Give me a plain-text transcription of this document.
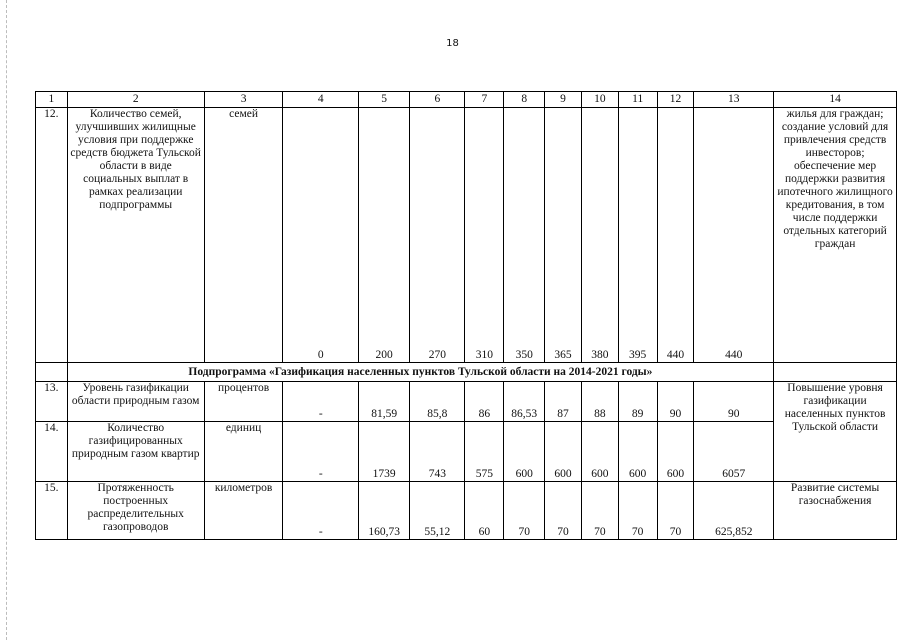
18
1	2	3	4	5	6	7	8	9	10	11	12	13	14
12.	Количество семей, улучшивших жилищные условия при поддержке средств бюджета Тульской области в виде социальных выплат в рамках реализации подпрограммы	семей	0	200	270	310	350	365	380	395	440	440	жилья для граждан; создание условий для привлечения средств инвесторов; обеспечение мер поддержки развития ипотечного жилищного кредитования, в том числе поддержки отдельных категорий граждан
	Подпрограмма «Газификация населенных пунктов Тульской области на 2014-2021 годы»												
13.	Уровень газификации области природным газом	процентов	-	81,59	85,8	86	86,53	87	88	89	90	90	Повышение уровня газификации населенных пунктов Тульской области
14.	Количество газифицированных природным газом квартир	единиц	-	1739	743	575	600	600	600	600	600	6057	
15.	Протяженность построенных распределительных газопроводов	километров	-	160,73	55,12	60	70	70	70	70	70	625,852	Развитие системы газоснабжения
